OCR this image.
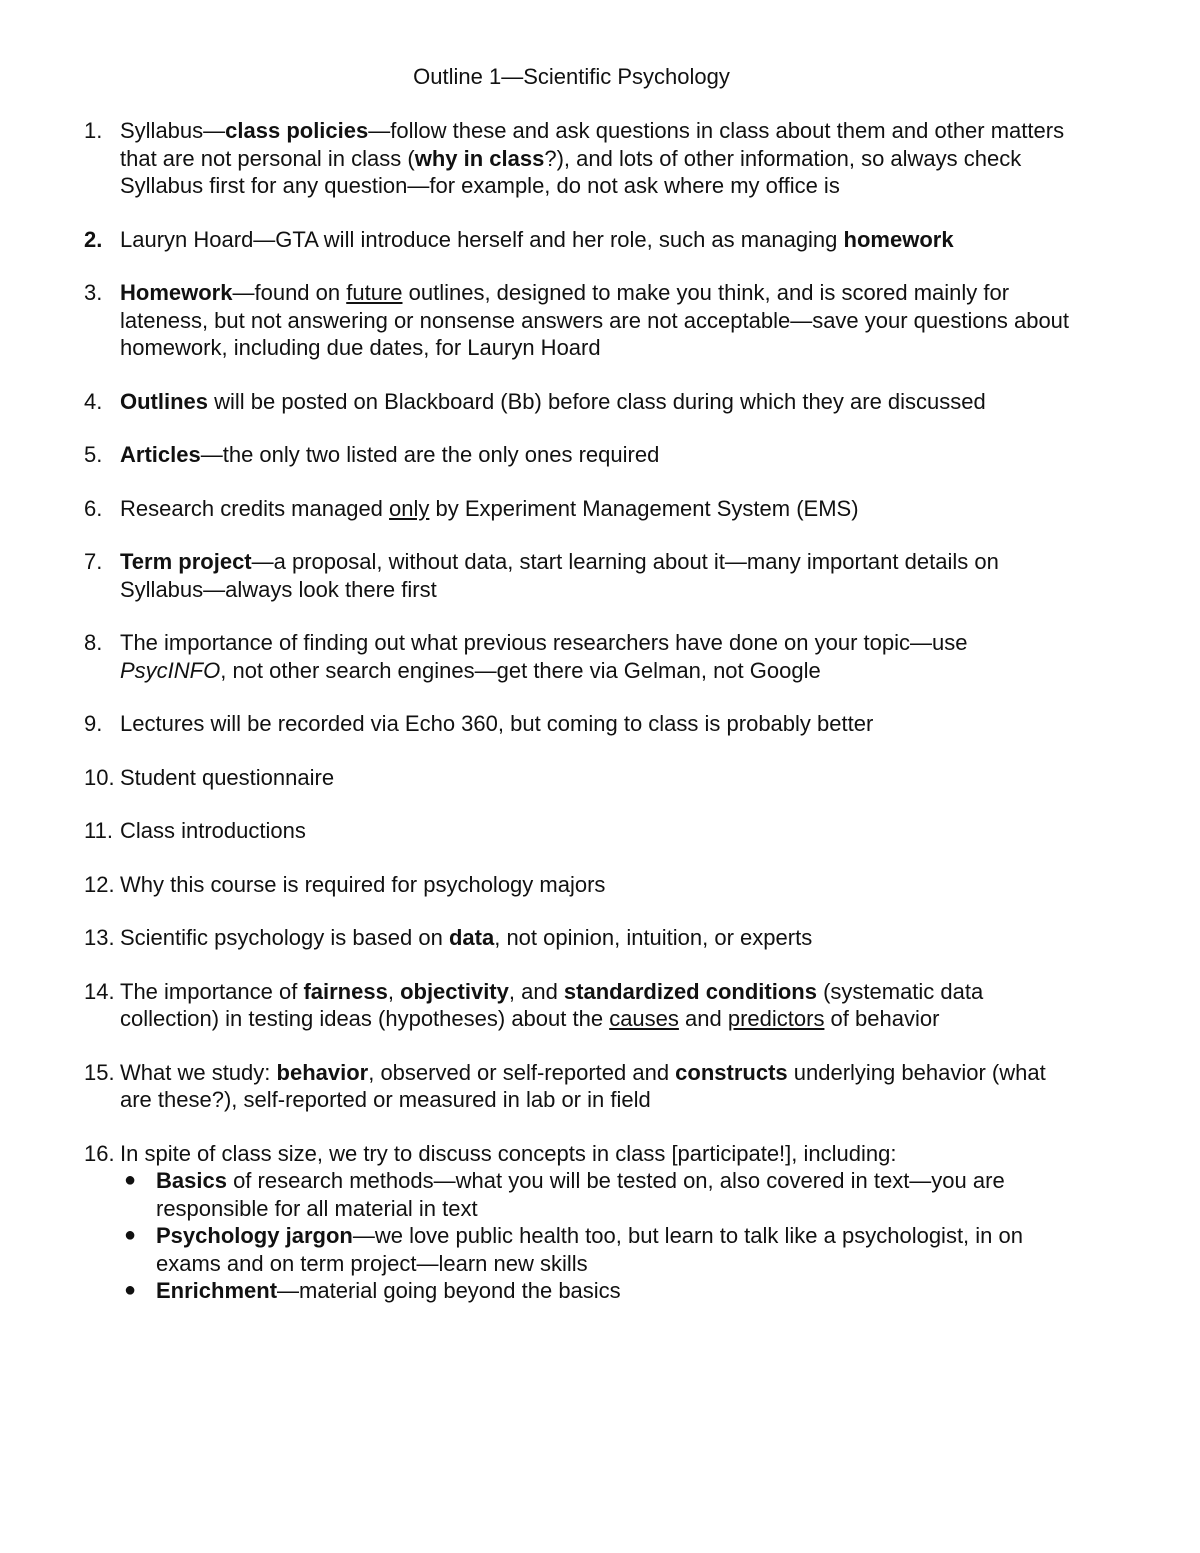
Outline 1—Scientific Psychology
1. Syllabus—class policies—follow these and ask questions in class about them and other matters that are not personal in class (why in class?), and lots of other information, so always check Syllabus first for any question—for example, do not ask where my office is
2. Lauryn Hoard—GTA will introduce herself and her role, such as managing homework
3. Homework—found on future outlines, designed to make you think, and is scored mainly for lateness, but not answering or nonsense answers are not acceptable—save your questions about homework, including due dates, for Lauryn Hoard
4. Outlines will be posted on Blackboard (Bb) before class during which they are discussed
5. Articles—the only two listed are the only ones required
6. Research credits managed only by Experiment Management System (EMS)
7. Term project—a proposal, without data, start learning about it—many important details on Syllabus—always look there first
8. The importance of finding out what previous researchers have done on your topic—use PsycINFO, not other search engines—get there via Gelman, not Google
9. Lectures will be recorded via Echo 360, but coming to class is probably better
10. Student questionnaire
11. Class introductions
12. Why this course is required for psychology majors
13. Scientific psychology is based on data, not opinion, intuition, or experts
14. The importance of fairness, objectivity, and standardized conditions (systematic data collection) in testing ideas (hypotheses) about the causes and predictors of behavior
15. What we study: behavior, observed or self-reported and constructs underlying behavior (what are these?), self-reported or measured in lab or in field
16. In spite of class size, we try to discuss concepts in class [participate!], including:
● Basics of research methods—what you will be tested on, also covered in text—you are responsible for all material in text
● Psychology jargon—we love public health too, but learn to talk like a psychologist, in on exams and on term project—learn new skills
● Enrichment—material going beyond the basics
